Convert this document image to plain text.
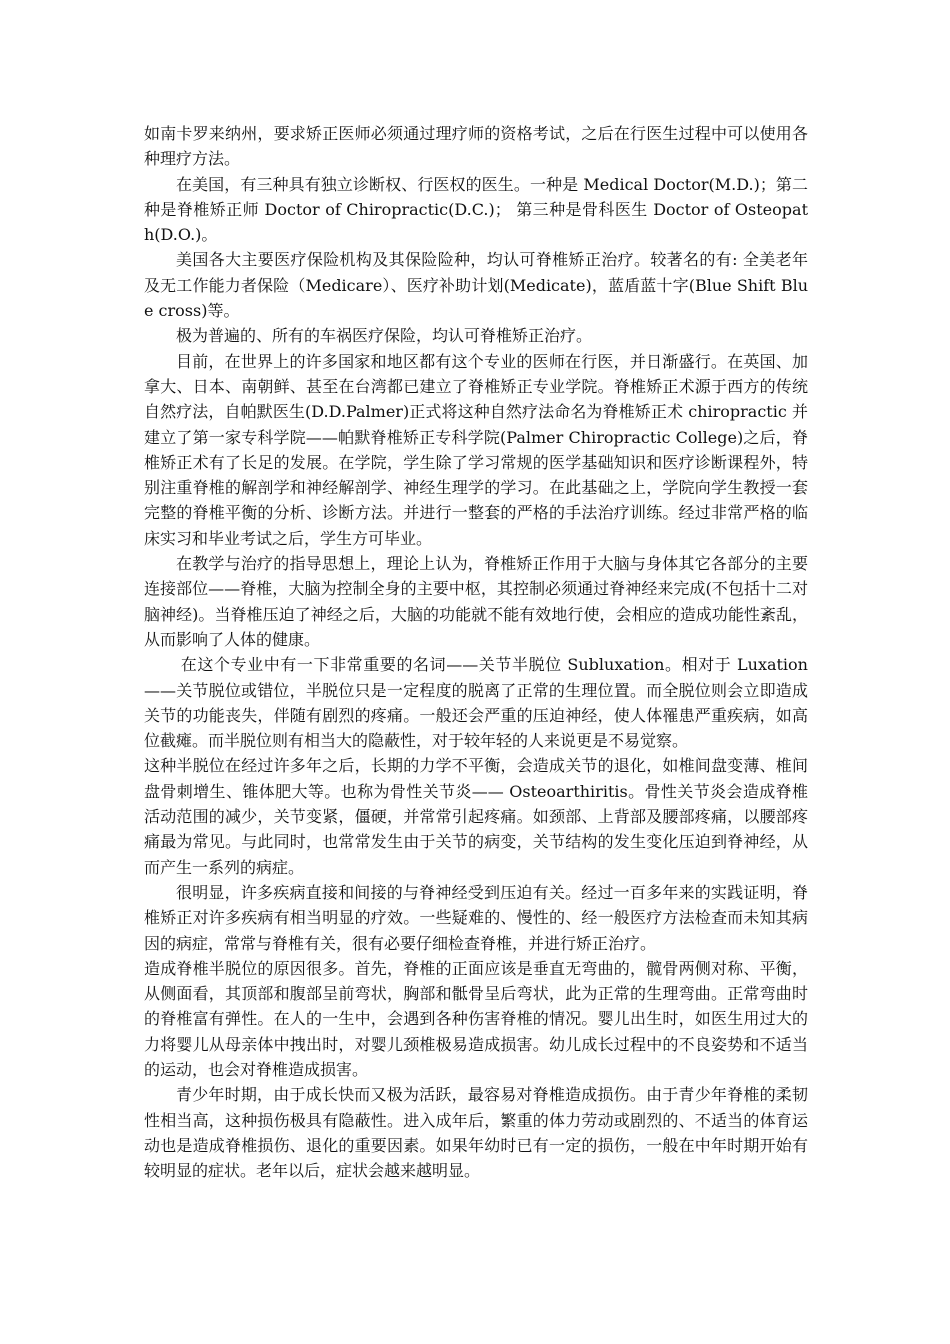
如南卡罗来纳州，要求矫正医师必须通过理疗师的资格考试，之后在行医生过程中可以使用各种理疗方法。

在美国，有三种具有独立诊断权、行医权的医生。一种是 Medical Doctor(M.D.)；第二种是脊椎矫正师 Doctor of Chiropractic(D.C.)； 第三种是骨科医生 Doctor of Osteopath(D.O.)。

美国各大主要医疗保险机构及其保险险种，均认可脊椎矫正治疗。较著名的有: 全美老年及无工作能力者保险（Medicare）、医疗补助计划(Medicate)，蓝盾蓝十字(Blue Shift Blue cross)等。

极为普遍的、所有的车祸医疗保险，均认可脊椎矫正治疗。

目前，在世界上的许多国家和地区都有这个专业的医师在行医，并日渐盛行。在英国、加拿大、日本、南朝鲜、甚至在台湾都已建立了脊椎矫正专业学院。脊椎矫正术源于西方的传统自然疗法，自帕默医生(D.D.Palmer)正式将这种自然疗法命名为脊椎矫正术 chiropractic 并建立了第一家专科学院——帕默脊椎矫正专科学院(Palmer Chiropractic College)之后，脊椎矫正术有了长足的发展。在学院，学生除了学习常规的医学基础知识和医疗诊断课程外，特别注重脊椎的解剖学和神经解剖学、神经生理学的学习。在此基础之上，学院向学生教授一套完整的脊椎平衡的分析、诊断方法。并进行一整套的严格的手法治疗训练。经过非常严格的临床实习和毕业考试之后，学生方可毕业。

在教学与治疗的指导思想上，理论上认为，脊椎矫正作用于大脑与身体其它各部分的主要连接部位——脊椎，大脑为控制全身的主要中枢，其控制必须通过脊神经来完成(不包括十二对脑神经)。当脊椎压迫了神经之后，大脑的功能就不能有效地行使，会相应的造成功能性紊乱，从而影响了人体的健康。

在这个专业中有一下非常重要的名词——关节半脱位 Subluxation。相对于 Luxation——关节脱位或错位，半脱位只是一定程度的脱离了正常的生理位置。而全脱位则会立即造成关节的功能丧失，伴随有剧烈的疼痛。一般还会严重的压迫神经，使人体罹患严重疾病，如高位截瘫。而半脱位则有相当大的隐蔽性，对于较年轻的人来说更是不易觉察。

这种半脱位在经过许多年之后，长期的力学不平衡，会造成关节的退化，如椎间盘变薄、椎间盘骨刺增生、锥体肥大等。也称为骨性关节炎—— Osteoarthiritis。骨性关节炎会造成脊椎活动范围的减少，关节变紧，僵硬，并常常引起疼痛。如颈部、上背部及腰部疼痛，以腰部疼痛最为常见。与此同时，也常常发生由于关节的病变，关节结构的发生变化压迫到脊神经，从而产生一系列的病症。

很明显，许多疾病直接和间接的与脊神经受到压迫有关。经过一百多年来的实践证明，脊椎矫正对许多疾病有相当明显的疗效。一些疑难的、慢性的、经一般医疗方法检查而未知其病因的病症，常常与脊椎有关，很有必要仔细检查脊椎，并进行矫正治疗。

造成脊椎半脱位的原因很多。首先，脊椎的正面应该是垂直无弯曲的，髋骨两侧对称、平衡，从侧面看，其顶部和腹部呈前弯状，胸部和骶骨呈后弯状，此为正常的生理弯曲。正常弯曲时的脊椎富有弹性。在人的一生中，会遇到各种伤害脊椎的情况。婴儿出生时，如医生用过大的力将婴儿从母亲体中拽出时，对婴儿颈椎极易造成损害。幼儿成长过程中的不良姿势和不适当的运动，也会对脊椎造成损害。

青少年时期，由于成长快而又极为活跃，最容易对脊椎造成损伤。由于青少年脊椎的柔韧性相当高，这种损伤极具有隐蔽性。进入成年后，繁重的体力劳动或剧烈的、不适当的体育运动也是造成脊椎损伤、退化的重要因素。如果年幼时已有一定的损伤，一般在中年时期开始有较明显的症状。老年以后，症状会越来越明显。
